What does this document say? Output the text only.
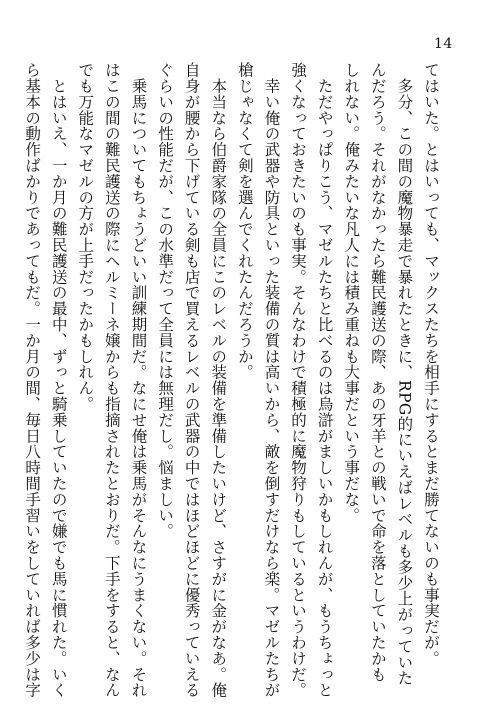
14

てはいた。とはいっても、マックスたちを相手にするとまだ勝てないのも事実だが。

　多分、この間の魔物暴走で暴れたときに、RPG的にいえばレベルも多少上がっていた

んだろう。それがなかったら難民護送の際、あの牙羊との戦いで命を落としていたかも

しれない。俺みたいな凡人には積み重ねも大事だという事だな。

　ただやっぱりこう、マゼルたちと比べるのは烏滸がましいかもしれんが、もうちょっと

強くなっておきたいのも事実。そんなわけで積極的に魔物狩りもしているというわけだ。

　幸い俺の武器や防具といった装備の質は高いから、敵を倒すだけなら楽。マゼルたちが

槍じゃなくて剣を選んでくれたんだろうか。

　本当なら伯爵家隊の全員にこのレベルの装備を準備したいけど、さすがに金がなあ。俺

自身が腰から下げている剣も店で買えるレベルの武器の中ではほどほどに優秀っていえる

ぐらいの性能だが、この水準だって全員には無理だし。悩ましい。

　乗馬についてもちょうどいい訓練期間だ。なにせ俺は乗馬がそんなにうまくない。それ

はこの間の難民護送の際にヘルミーネ嬢からも指摘されたとおりだ。下手をすると、なん

でも万能なマゼルの方が上手だったかもしれん。

　とはいえ、一か月の難民護送の最中、ずっと騎乗していたので嫌でも馬に慣れた。いく

ら基本の動作ばかりであってもだ。一か月の間、毎日八時間手習いをしていれば多少は字
